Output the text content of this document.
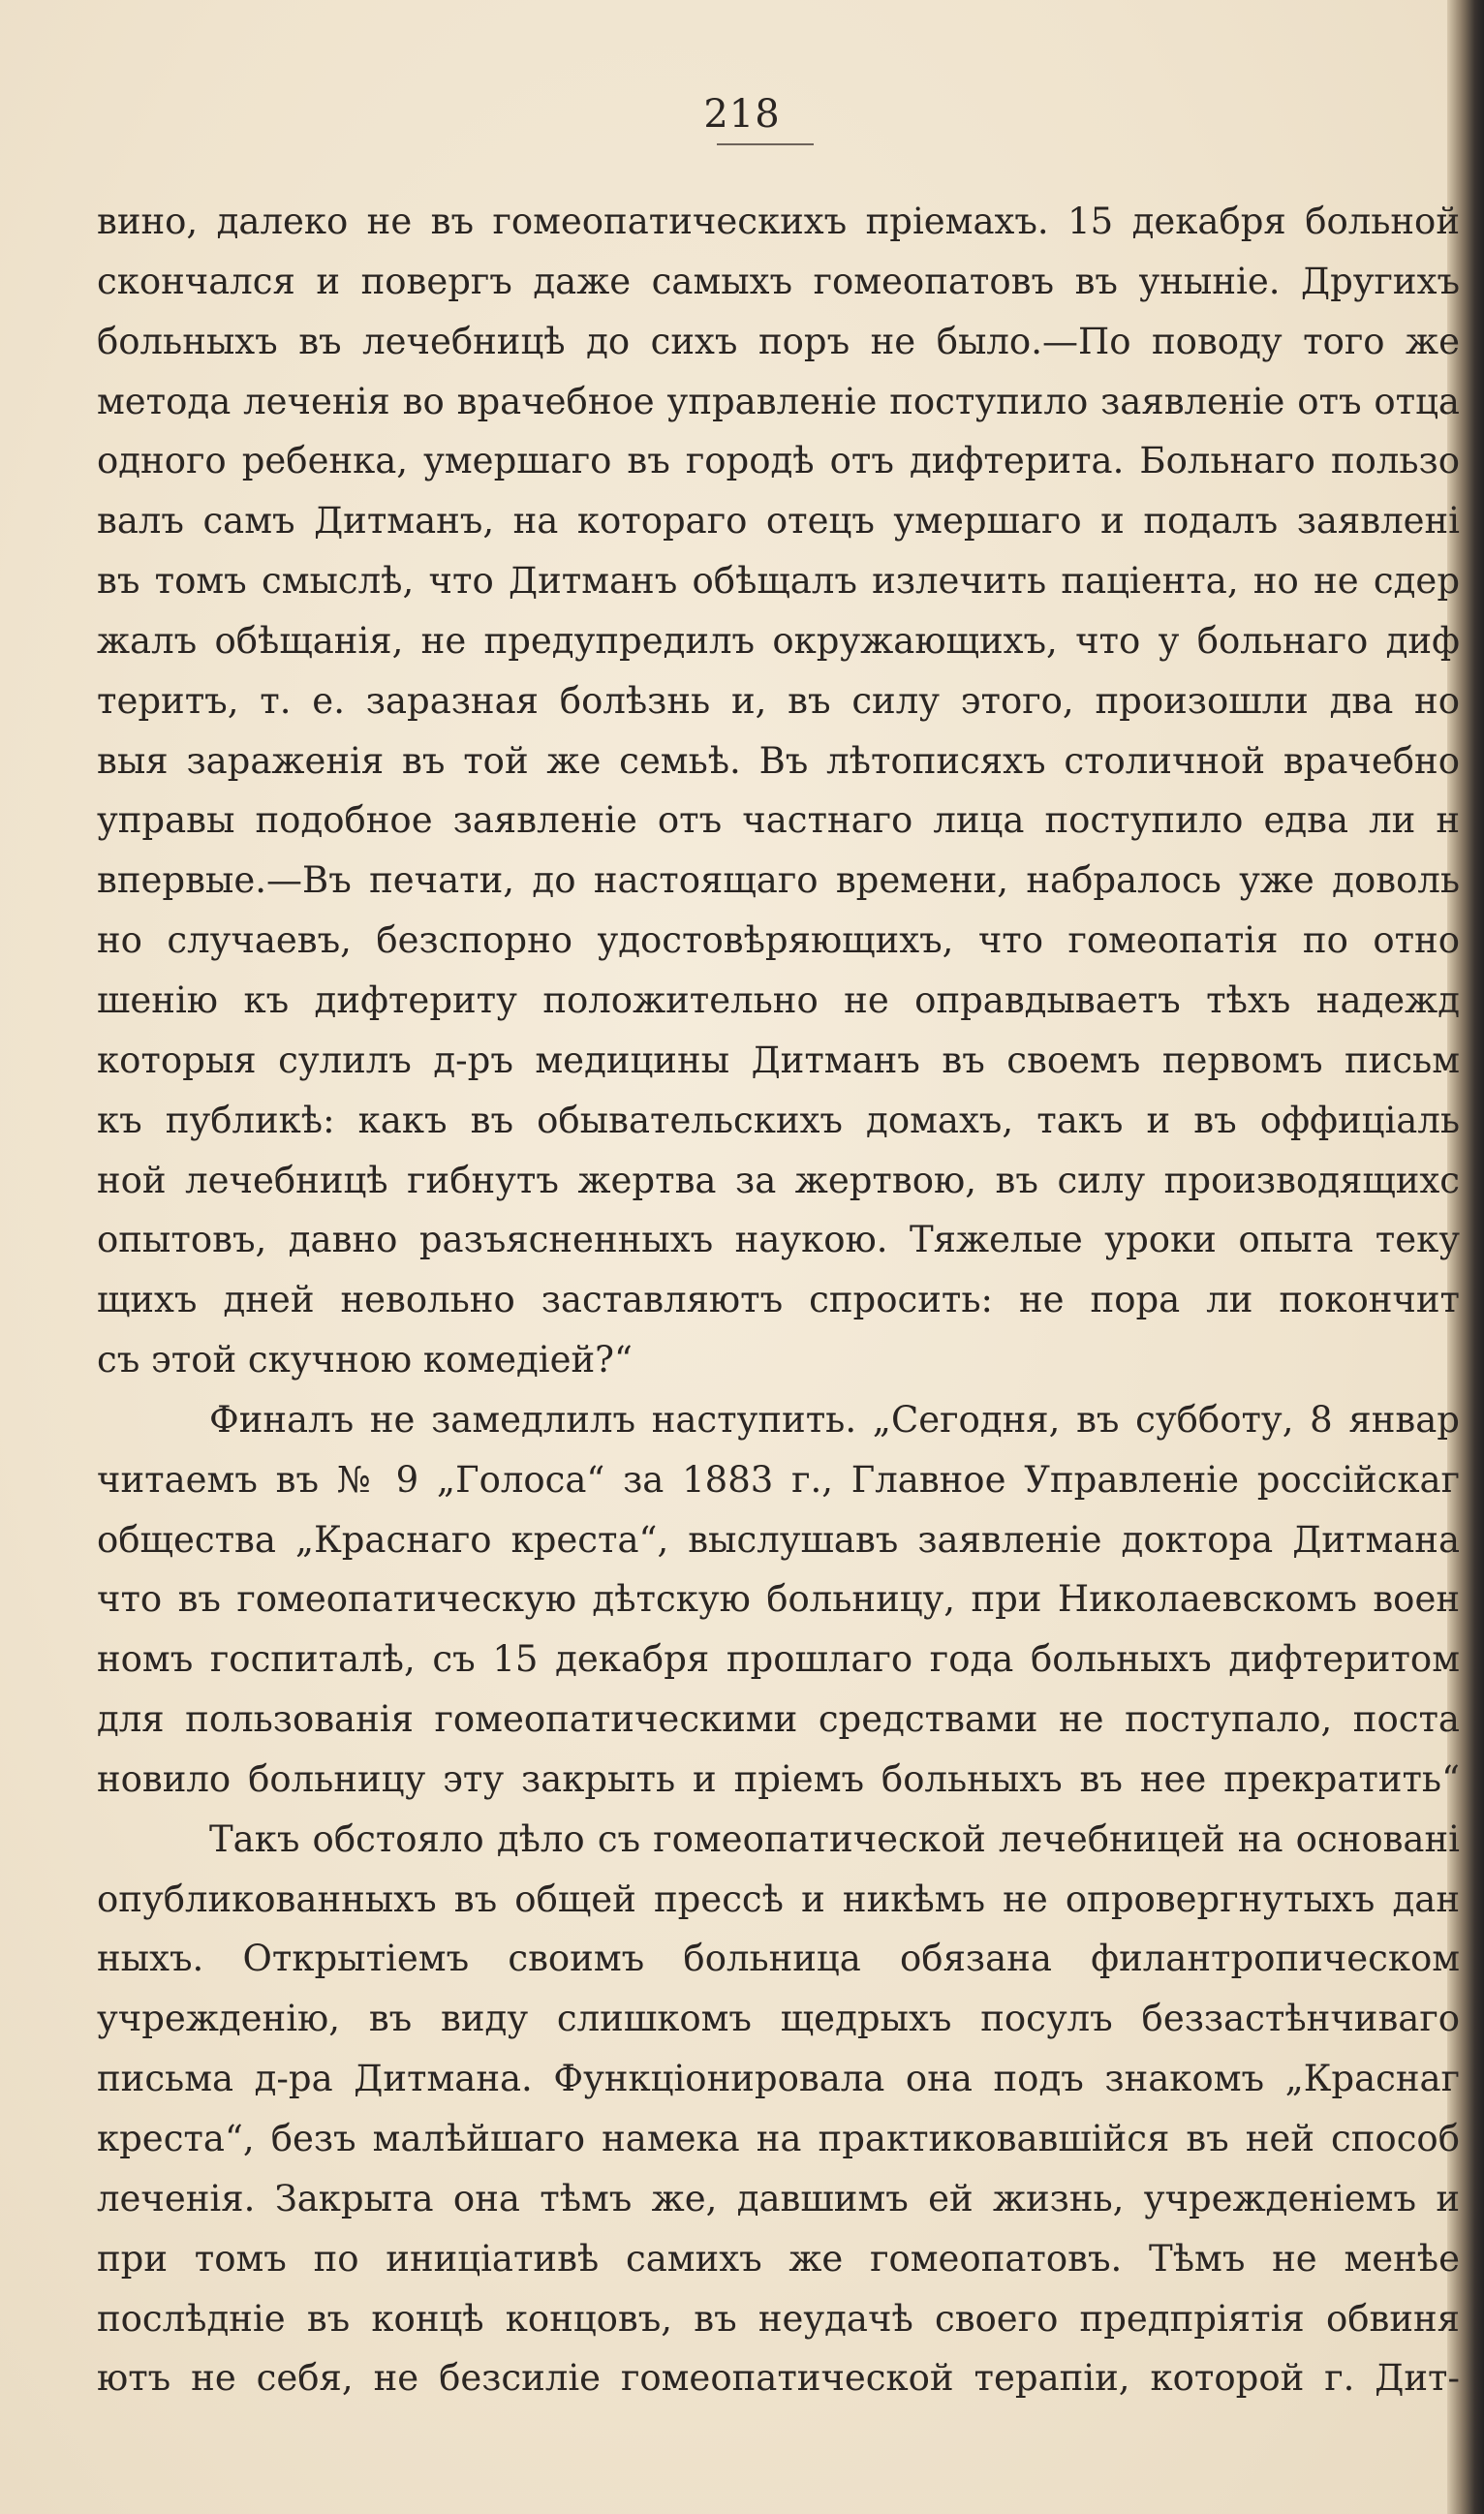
218
вино, далеко не въ гомеопатическихъ пріемахъ. 15 декабря больной
скончался и повергъ даже самыхъ гомеопатовъ въ уныніе. Другихъ
больныхъ въ лечебницѣ до сихъ поръ не было.—По поводу того же
метода леченія во врачебное управленіе поступило заявленіе отъ отца
одного ребенка, умершаго въ городѣ отъ дифтерита. Больнаго пользо
валъ самъ Дитманъ, на котораго отецъ умершаго и подалъ заявлені
въ томъ смыслѣ, что Дитманъ обѣщалъ излечить паціента, но не сдер
жалъ обѣщанія, не предупредилъ окружающихъ, что у больнаго диф
теритъ, т. е. заразная болѣзнь и, въ силу этого, произошли два но
выя зараженія въ той же семьѣ. Въ лѣтописяхъ столичной врачебно
управы подобное заявленіе отъ частнаго лица поступило едва ли н
впервые.—Въ печати, до настоящаго времени, набралось уже доволь
но случаевъ, безспорно удостовѣряющихъ, что гомеопатія по отно
шенію къ дифтериту положительно не оправдываетъ тѣхъ надежд
которыя сулилъ д-ръ медицины Дитманъ въ своемъ первомъ письм
къ публикѣ: какъ въ обывательскихъ домахъ, такъ и въ оффиціаль
ной лечебницѣ гибнутъ жертва за жертвою, въ силу производящихс
опытовъ, давно разъясненныхъ наукою. Тяжелые уроки опыта теку
щихъ дней невольно заставляютъ спросить: не пора ли покончит
съ этой скучною комедіей?“
Финалъ не замедлилъ наступить. „Сегодня, въ субботу, 8 январ
читаемъ въ № 9 „Голоса“ за 1883 г., Главное Управленіе россійскаг
общества „Краснаго креста“, выслушавъ заявленіе доктора Дитмана
что въ гомеопатическую дѣтскую больницу, при Николаевскомъ воен
номъ госпиталѣ, съ 15 декабря прошлаго года больныхъ дифтеритом
для пользованія гомеопатическими средствами не поступало, поста
новило больницу эту закрыть и пріемъ больныхъ въ нее прекратить“
Такъ обстояло дѣло съ гомеопатической лечебницей на основані
опубликованныхъ въ общей прессѣ и никѣмъ не опровергнутыхъ дан
ныхъ. Открытіемъ своимъ больница обязана филантропическом
учрежденію, въ виду слишкомъ щедрыхъ посулъ беззастѣнчиваго
письма д-ра Дитмана. Функціонировала она подъ знакомъ „Краснаг
креста“, безъ малѣйшаго намека на практиковавшійся въ ней способ
леченія. Закрыта она тѣмъ же, давшимъ ей жизнь, учрежденіемъ и
при томъ по иниціативѣ самихъ же гомеопатовъ. Тѣмъ не менѣе
послѣдніе въ концѣ концовъ, въ неудачѣ своего предпріятія обвиня
ютъ не себя, не безсиліе гомеопатической терапіи, которой г. Дит-
